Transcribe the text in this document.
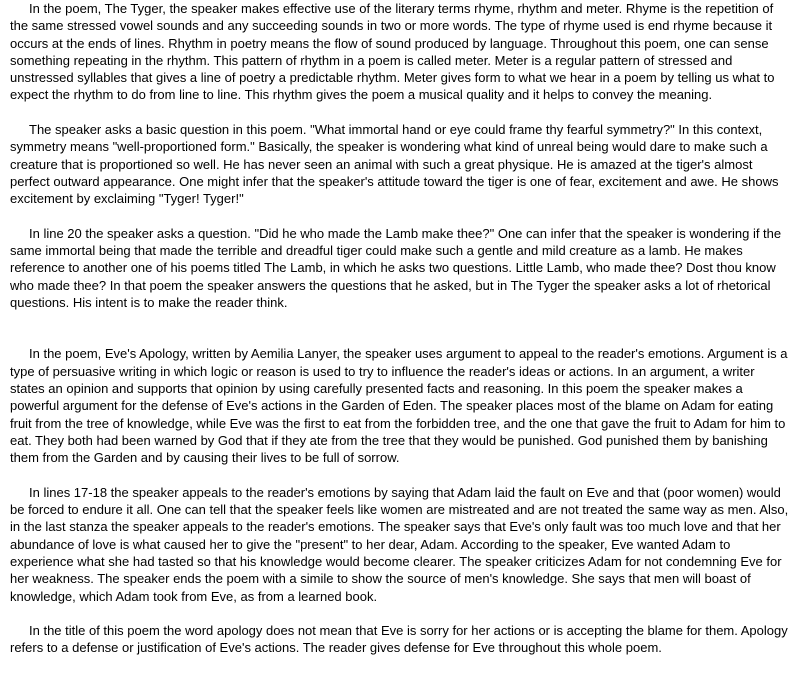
In the poem, The Tyger, the speaker makes effective use of the literary terms rhyme, rhythm and meter. Rhyme is the repetition of the same stressed vowel sounds and any succeeding sounds in two or more words. The type of rhyme used is end rhyme because it occurs at the ends of lines. Rhythm in poetry means the flow of sound produced by language. Throughout this poem, one can sense something repeating in the rhythm. This pattern of rhythm in a poem is called meter. Meter is a regular pattern of stressed and unstressed syllables that gives a line of poetry a predictable rhythm. Meter gives form to what we hear in a poem by telling us what to expect the rhythm to do from line to line. This rhythm gives the poem a musical quality and it helps to convey the meaning.

The speaker asks a basic question in this poem. "What immortal hand or eye could frame thy fearful symmetry?" In this context, symmetry means "well-proportioned form." Basically, the speaker is wondering what kind of unreal being would dare to make such a creature that is proportioned so well. He has never seen an animal with such a great physique. He is amazed at the tiger's almost perfect outward appearance. One might infer that the speaker's attitude toward the tiger is one of fear, excitement and awe. He shows excitement by exclaiming "Tyger! Tyger!"

In line 20 the speaker asks a question. "Did he who made the Lamb make thee?" One can infer that the speaker is wondering if the same immortal being that made the terrible and dreadful tiger could make such a gentle and mild creature as a lamb. He makes reference to another one of his poems titled The Lamb, in which he asks two questions. Little Lamb, who made thee? Dost thou know who made thee? In that poem the speaker answers the questions that he asked, but in The Tyger the speaker asks a lot of rhetorical questions. His intent is to make the reader think.

In the poem, Eve's Apology, written by Aemilia Lanyer, the speaker uses argument to appeal to the reader's emotions. Argument is a type of persuasive writing in which logic or reason is used to try to influence the reader's ideas or actions. In an argument, a writer states an opinion and supports that opinion by using carefully presented facts and reasoning. In this poem the speaker makes a powerful argument for the defense of Eve's actions in the Garden of Eden. The speaker places most of the blame on Adam for eating fruit from the tree of knowledge, while Eve was the first to eat from the forbidden tree, and the one that gave the fruit to Adam for him to eat. They both had been warned by God that if they ate from the tree that they would be punished. God punished them by banishing them from the Garden and by causing their lives to be full of sorrow.

In lines 17-18 the speaker appeals to the reader's emotions by saying that Adam laid the fault on Eve and that (poor women) would be forced to endure it all. One can tell that the speaker feels like women are mistreated and are not treated the same way as men. Also, in the last stanza the speaker appeals to the reader's emotions. The speaker says that Eve's only fault was too much love and that her abundance of love is what caused her to give the "present" to her dear, Adam. According to the speaker, Eve wanted Adam to experience what she had tasted so that his knowledge would become clearer. The speaker criticizes Adam for not condemning Eve for her weakness. The speaker ends the poem with a simile to show the source of men's knowledge. She says that men will boast of knowledge, which Adam took from Eve, as from a learned book.

In the title of this poem the word apology does not mean that Eve is sorry for her actions or is accepting the blame for them. Apology refers to a defense or justification of Eve's actions. The reader gives defense for Eve throughout this whole poem.
